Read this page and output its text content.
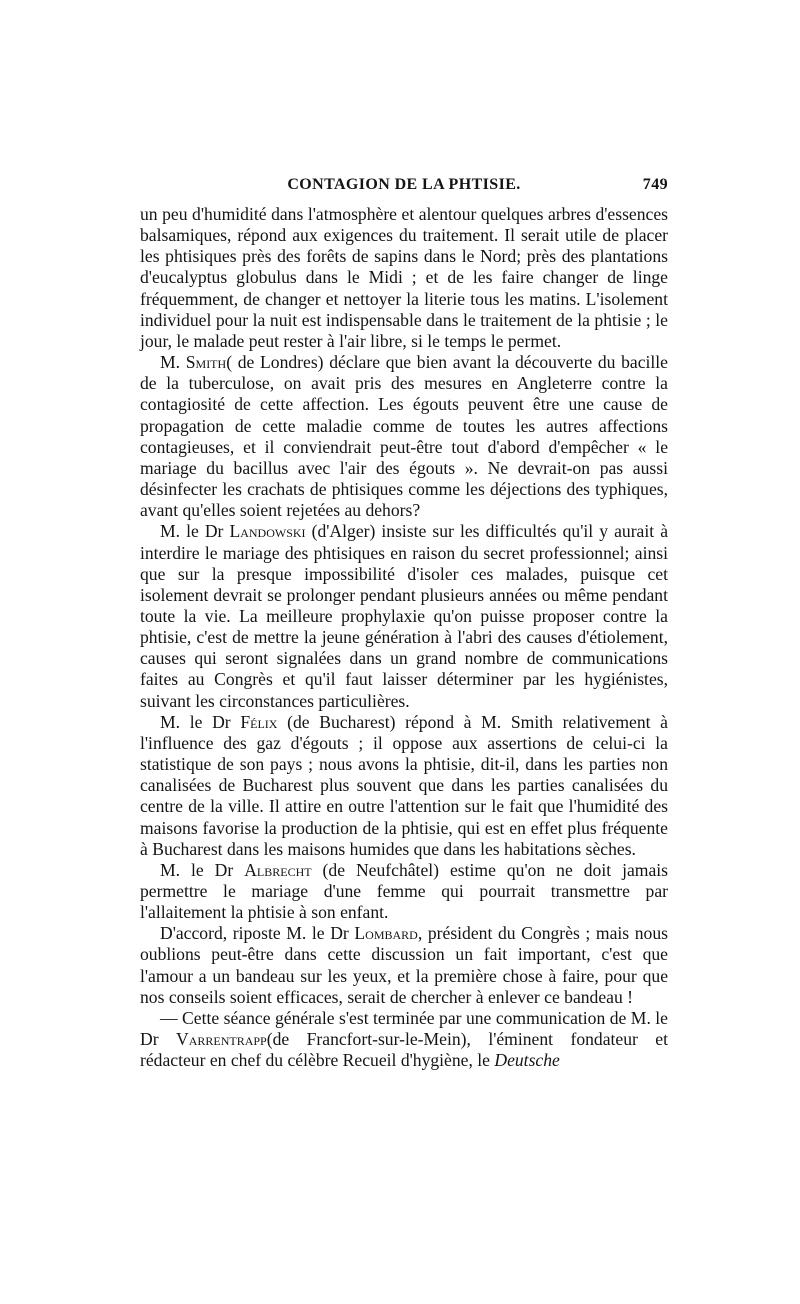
CONTAGION DE LA PHTISIE.	749

un peu d'humidité dans l'atmosphère et alentour quelques arbres d'essences balsamiques, répond aux exigences du traitement. Il serait utile de placer les phtisiques près des forêts de sapins dans le Nord; près des plantations d'eucalyptus globulus dans le Midi ; et de les faire changer de linge fréquemment, de changer et nettoyer la literie tous les matins. L'isolement individuel pour la nuit est indispensable dans le traitement de la phtisie ; le jour, le malade peut rester à l'air libre, si le temps le permet.

M. Smith( de Londres) déclare que bien avant la découverte du bacille de la tuberculose, on avait pris des mesures en Angleterre contre la contagiosité de cette affection. Les égouts peuvent être une cause de propagation de cette maladie comme de toutes les autres affections contagieuses, et il conviendrait peut-être tout d'abord d'empêcher « le mariage du bacillus avec l'air des égouts ». Ne devrait-on pas aussi désinfecter les crachats de phtisiques comme les déjections des typhiques, avant qu'elles soient rejetées au dehors?

M. le Dr Landowski (d'Alger) insiste sur les difficultés qu'il y aurait à interdire le mariage des phtisiques en raison du secret professionnel; ainsi que sur la presque impossibilité d'isoler ces malades, puisque cet isolement devrait se prolonger pendant plusieurs années ou même pendant toute la vie. La meilleure prophylaxie qu'on puisse proposer contre la phtisie, c'est de mettre la jeune génération à l'abri des causes d'étiolement, causes qui seront signalées dans un grand nombre de communications faites au Congrès et qu'il faut laisser déterminer par les hygiénistes, suivant les circonstances particulières.

M. le Dr Félix (de Bucharest) répond à M. Smith relativement à l'influence des gaz d'égouts ; il oppose aux assertions de celui-ci la statistique de son pays ; nous avons la phtisie, dit-il, dans les parties non canalisées de Bucharest plus souvent que dans les parties canalisées du centre de la ville. Il attire en outre l'attention sur le fait que l'humidité des maisons favorise la production de la phtisie, qui est en effet plus fréquente à Bucharest dans les maisons humides que dans les habitations sèches.

M. le Dr Albrecht (de Neufchâtel) estime qu'on ne doit jamais permettre le mariage d'une femme qui pourrait transmettre par l'allaitement la phtisie à son enfant.

D'accord, riposte M. le Dr Lombard, président du Congrès ; mais nous oublions peut-être dans cette discussion un fait important, c'est que l'amour a un bandeau sur les yeux, et la première chose à faire, pour que nos conseils soient efficaces, serait de chercher à enlever ce bandeau !

— Cette séance générale s'est terminée par une communication de M. le Dr Varrentrapp(de Francfort-sur-le-Mein), l'éminent fondateur et rédacteur en chef du célèbre Recueil d'hygiène, le Deutsche
